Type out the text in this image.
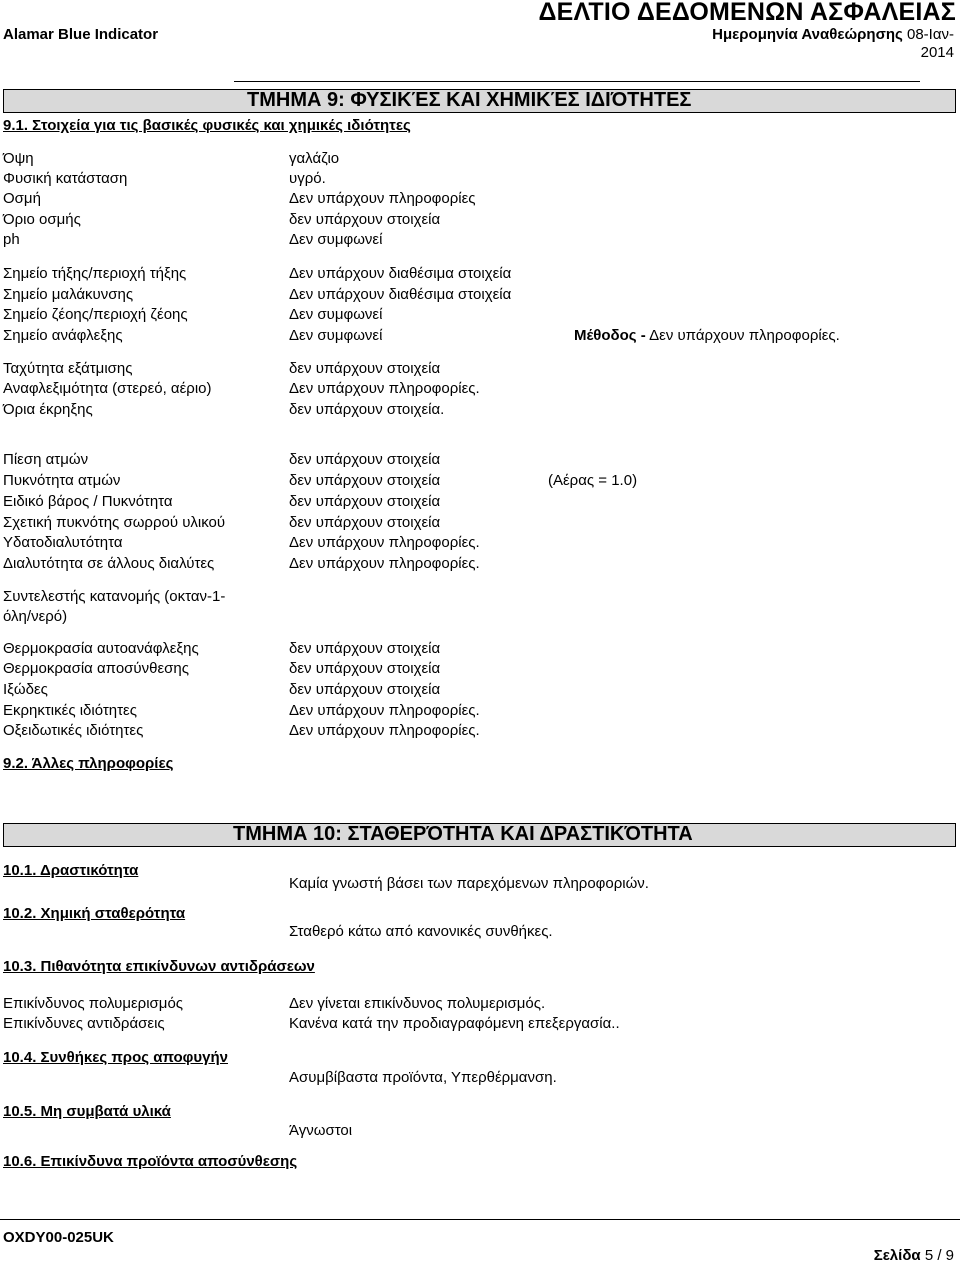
Alamar Blue Indicator
ΔΕΛΤΙΟ ΔΕΔΟΜΕΝΩΝ ΑΣΦΑΛΕΙΑΣ
Ημερομηνία Αναθεώρησης 08-Ιαν-
2014
ΤΜΗΜΑ 9: ΦΥΣΙΚΈΣ ΚΑΙ ΧΗΜΙΚΈΣ ΙΔΙΌΤΗΤΕΣ
9.1. Στοιχεία για τις βασικές φυσικές και χημικές ιδιότητες
Όψη	γαλάζιο
Φυσική κατάσταση	υγρό.
Οσμή	Δεν υπάρχουν πληροφορίες
Όριο οσμής	δεν υπάρχουν στοιχεία
ph	Δεν συμφωνεί
Σημείο τήξης/περιοχή τήξης	Δεν υπάρχουν διαθέσιμα στοιχεία
Σημείο μαλάκυνσης	Δεν υπάρχουν διαθέσιμα στοιχεία
Σημείο ζέοης/περιοχή ζέοης	Δεν συμφωνεί
Σημείο ανάφλεξης	Δεν συμφωνεί	Μέθοδος - Δεν υπάρχουν πληροφορίες.
Ταχύτητα εξάτμισης	δεν υπάρχουν στοιχεία
Αναφλεξιμότητα (στερεό, αέριο)	Δεν υπάρχουν πληροφορίες.
Όρια έκρηξης	δεν υπάρχουν στοιχεία.
Πίεση ατμών	δεν υπάρχουν στοιχεία
Πυκνότητα ατμών	δεν υπάρχουν στοιχεία	(Αέρας = 1.0)
Ειδικό βάρος / Πυκνότητα	δεν υπάρχουν στοιχεία
Σχετική πυκνότης σωρρού υλικού	δεν υπάρχουν στοιχεία
Υδατοδιαλυτότητα	Δεν υπάρχουν πληροφορίες.
Διαλυτότητα σε άλλους διαλύτες	Δεν υπάρχουν πληροφορίες.
Συντελεστής κατανομής (οκταν-1-
όλη/νερό)
Θερμοκρασία αυτοανάφλεξης	δεν υπάρχουν στοιχεία
Θερμοκρασία αποσύνθεσης	δεν υπάρχουν στοιχεία
Ιξώδες	δεν υπάρχουν στοιχεία
Εκρηκτικές ιδιότητες	Δεν υπάρχουν πληροφορίες.
Οξειδωτικές ιδιότητες	Δεν υπάρχουν πληροφορίες.
9.2. Άλλες πληροφορίες
ΤΜΗΜΑ 10: ΣΤΑΘΕΡΌΤΗΤΑ ΚΑΙ ΔΡΑΣΤΙΚΌΤΗΤΑ
10.1. Δραστικότητα
Καμία γνωστή βάσει των παρεχόμενων πληροφοριών.
10.2. Χημική σταθερότητα
Σταθερό κάτω από κανονικές συνθήκες.
10.3. Πιθανότητα επικίνδυνων αντιδράσεων
Επικίνδυνος πολυμερισμός	Δεν γίνεται επικίνδυνος πολυμερισμός.
Επικίνδυνες αντιδράσεις	Κανένα κατά την προδιαγραφόμενη επεξεργασία..
10.4. Συνθήκες προς αποφυγήν
Ασυμβίβαστα προϊόντα, Υπερθέρμανση.
10.5. Μη συμβατά υλικά
Άγνωστοι
10.6. Επικίνδυνα προϊόντα αποσύνθεσης
OXDY00-025UK
Σελίδα 5 / 9
